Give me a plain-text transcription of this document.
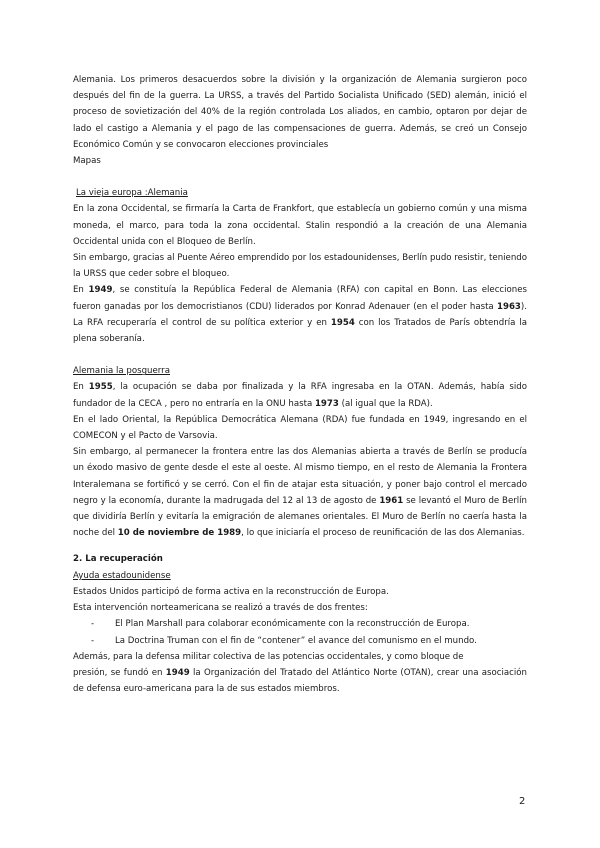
Alemania. Los primeros desacuerdos sobre la división y la organización de Alemania surgieron poco después del fin de la guerra. La URSS, a través del Partido Socialista Unificado (SED) alemán, inició el proceso de sovietización del 40% de la región controlada Los aliados, en cambio, optaron por dejar de lado el castigo a Alemania y el pago de las compensaciones de guerra. Además, se creó un Consejo Económico Común y se convocaron elecciones provinciales

Mapas

La vieja europa :Alemania

En la zona Occidental, se firmaría la Carta de Frankfort, que establecía un gobierno común y una misma moneda, el marco, para toda la zona occidental. Stalin respondió a la creación de una Alemania Occidental unida con el Bloqueo de Berlín.

Sin embargo, gracias al Puente Aéreo emprendido por los estadounidenses, Berlín pudo resistir, teniendo la URSS que ceder sobre el bloqueo.

En 1949, se constituía la República Federal de Alemania (RFA) con capital en Bonn. Las elecciones fueron ganadas por los democristianos (CDU) liderados por Konrad Adenauer (en el poder hasta 1963). La RFA recuperaría el control de su política exterior y en 1954 con los Tratados de París obtendría la plena soberanía.

Alemania la posguerra

En 1955, la ocupación se daba por finalizada y la RFA ingresaba en la OTAN. Además, había sido fundador de la CECA , pero no entraría en la ONU hasta 1973 (al igual que la RDA).

En el lado Oriental, la República Democrática Alemana (RDA) fue fundada en 1949, ingresando en el COMECON y el Pacto de Varsovia.

Sin embargo, al permanecer la frontera entre las dos Alemanias abierta a través de Berlín se producía un éxodo masivo de gente desde el este al oeste. Al mismo tiempo, en el resto de Alemania la Frontera Interalemana se fortificó y se cerró. Con el fin de atajar esta situación, y poner bajo control el mercado negro y la economía, durante la madrugada del 12 al 13 de agosto de 1961 se levantó el Muro de Berlín que dividiría Berlín y evitaría la emigración de alemanes orientales. El Muro de Berlín no caería hasta la noche del 10 de noviembre de 1989, lo que iniciaría el proceso de reunificación de las dos Alemanias.

2. La recuperación

Ayuda estadounidense

Estados Unidos participó de forma activa en la reconstrucción de Europa.

Esta intervención norteamericana se realizó a través de dos frentes:

- El Plan Marshall para colaborar económicamente con la reconstrucción de Europa.
- La Doctrina Truman con el fin de “contener” el avance del comunismo en el mundo.

Además, para la defensa militar colectiva de las potencias occidentales, y como bloque de

presión, se fundó en 1949 la Organización del Tratado del Atlántico Norte (OTAN), crear una asociación de defensa euro-americana para la de sus estados miembros.

2
